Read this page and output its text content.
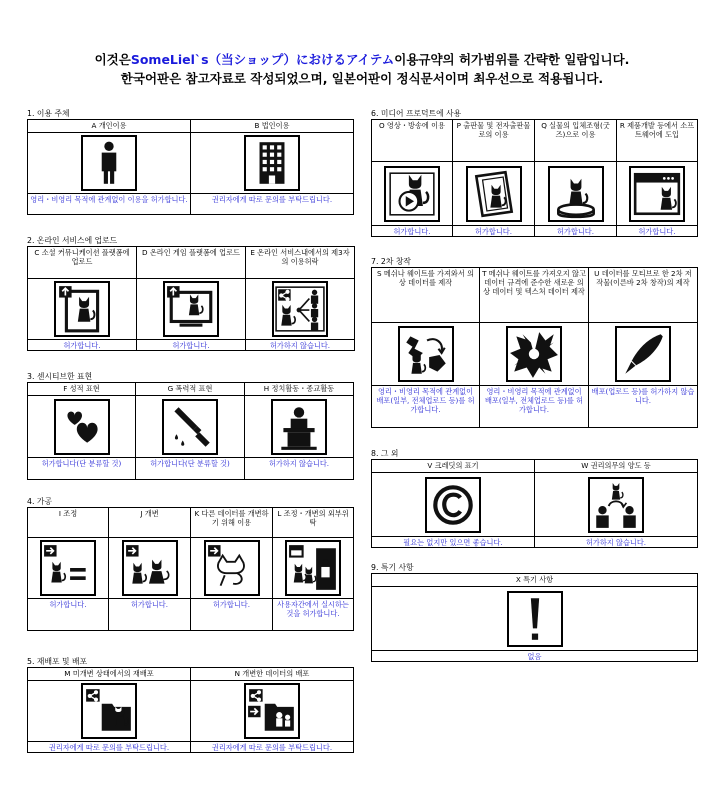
이것은SomeLiel`s（当ショップ）におけるアイテム이용규약의 허가범위를 간략한 일람입니다.
한국어판은 참고자료로 작성되었으며, 일본어판이 정식문서이며 최우선으로 적용됩니다.
1. 이용 주체
A 개인이용	B 법인이용

영리・비영리 목적에 관계없이 이용을 허가합니다.	권리자에게 따로 문의를 부탁드립니다.
2. 온라인 서비스에 업로드
C 소셜 커뮤니케이션 플랫폼에 업로드	D 온라인 게임 플랫폼에 업로드	E 온라인 서비스내에서의 제3자의 이용허락

허가합니다.	허가합니다.	허가하지 않습니다.
3. 센시티브한 표현
F 성적 표현	G 폭력적 표현	H 정치활동・종교활동

허가합니다(단 분류할 것)	허가합니다(단 분류할 것)	허가하지 않습니다.
4. 가공
I 조정	J 개변	K 다른 데이터를 개변하기 위해 이용	L 조정・개변의 외부위탁

허가합니다.	허가합니다.	허가합니다.	사용자간에서 실시하는 것을 허가합니다.
5. 재배포 및 배포
M 미개변 상태에서의 재배포	N 개변한 데이터의 배포

권리자에게 따로 문의를 부탁드립니다.	권리자에게 따로 문의를 부탁드립니다.
6. 미디어 프로덕트에 사용
O 영상・방송에 이용	P 출판물 및 전자출판물로의 이용	Q 실물의 입체조형(굿즈)으로 이용	R 제품개발 등에서 소프트웨어에 도입

허가합니다.	허가합니다.	허가합니다.	허가합니다.
7. 2차 창작
S 메쉬나 웨이트를 가져와서 의상 데이터를 제작	T 메쉬나 웨이트를 가져오지 않고 데이터 규격에 준수한 새로운 의상 데이터 및 텍스처 데이터 제작	U 데이터를 모티브로 한 2차 저작물(이른바 2차 창작)의 제작

영리・비영리 목적에 관계없이 배포(일부, 전체업로드 등)를 허가합니다.	영리・비영리 목적에 관계없이 배포(일부, 전체업로드 등)를 허가합니다.	배포(업로드 등)를 허가하지 않습니다.
8. 그 외
V 크레딧의 표기	W 권리의무의 양도 등

필요는 없지만 있으면 좋습니다.	허가하지 않습니다.
9. 특기 사항
X 특기 사항

없음
